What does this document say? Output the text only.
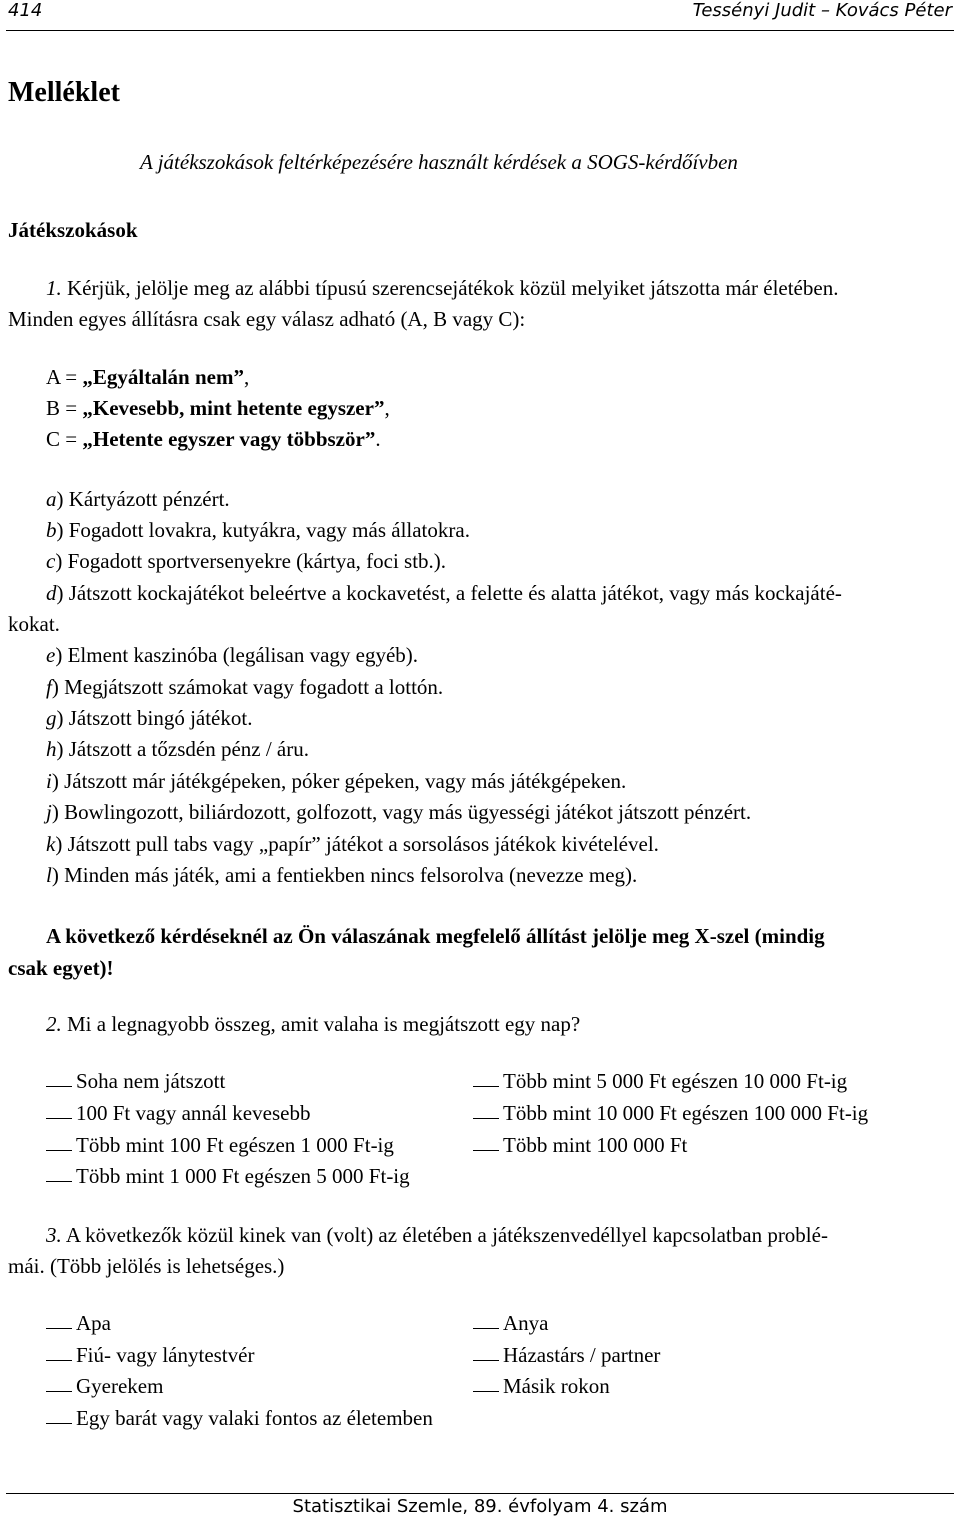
414	Tessényi Judit – Kovács Péter
Melléklet
A játékszokások feltérképezésére használt kérdések a SOGS-kérdőívben
Játékszokások
1. Kérjük, jelölje meg az alábbi típusú szerencsejátékok közül melyiket játszotta már életében.
Minden egyes állításra csak egy válasz adható (A, B vagy C):
A = „Egyáltalán nem”,
B = „Kevesebb, mint hetente egyszer”,
C = „Hetente egyszer vagy többször”.
a) Kártyázott pénzért.
b) Fogadott lovakra, kutyákra, vagy más állatokra.
c) Fogadott sportversenyekre (kártya, foci stb.).
d) Játszott kockajátékot beleértve a kockavetést, a felette és alatta játékot, vagy más kockajáté-
kokat.
e) Elment kaszinóba (legálisan vagy egyéb).
f) Megjátszott számokat vagy fogadott a lottón.
g) Játszott bingó játékot.
h) Játszott a tőzsdén pénz / áru.
i) Játszott már játékgépeken, póker gépeken, vagy más játékgépeken.
j) Bowlingozott, biliárdozott, golfozott, vagy más ügyességi játékot játszott pénzért.
k) Játszott pull tabs vagy „papír” játékot a sorsolásos játékok kivételével.
l) Minden más játék, ami a fentiekben nincs felsorolva (nevezze meg).
A következő kérdéseknél az Ön válaszának megfelelő állítást jelölje meg X-szel (mindig
csak egyet)!
2. Mi a legnagyobb összeg, amit valaha is megjátszott egy nap?
Soha nem játszott
100 Ft vagy annál kevesebb
Több mint 100 Ft egészen 1 000 Ft-ig
Több mint 1 000 Ft egészen 5 000 Ft-ig
Több mint 5 000 Ft egészen 10 000 Ft-ig
Több mint 10 000 Ft egészen 100 000 Ft-ig
Több mint 100 000 Ft
3. A következők közül kinek van (volt) az életében a játékszenvedéllyel kapcsolatban problé-
mái. (Több jelölés is lehetséges.)
Apa
Fiú- vagy lánytestvér
Gyerekem
Egy barát vagy valaki fontos az életemben
Anya
Házastárs / partner
Másik rokon
Statisztikai Szemle, 89. évfolyam 4. szám
